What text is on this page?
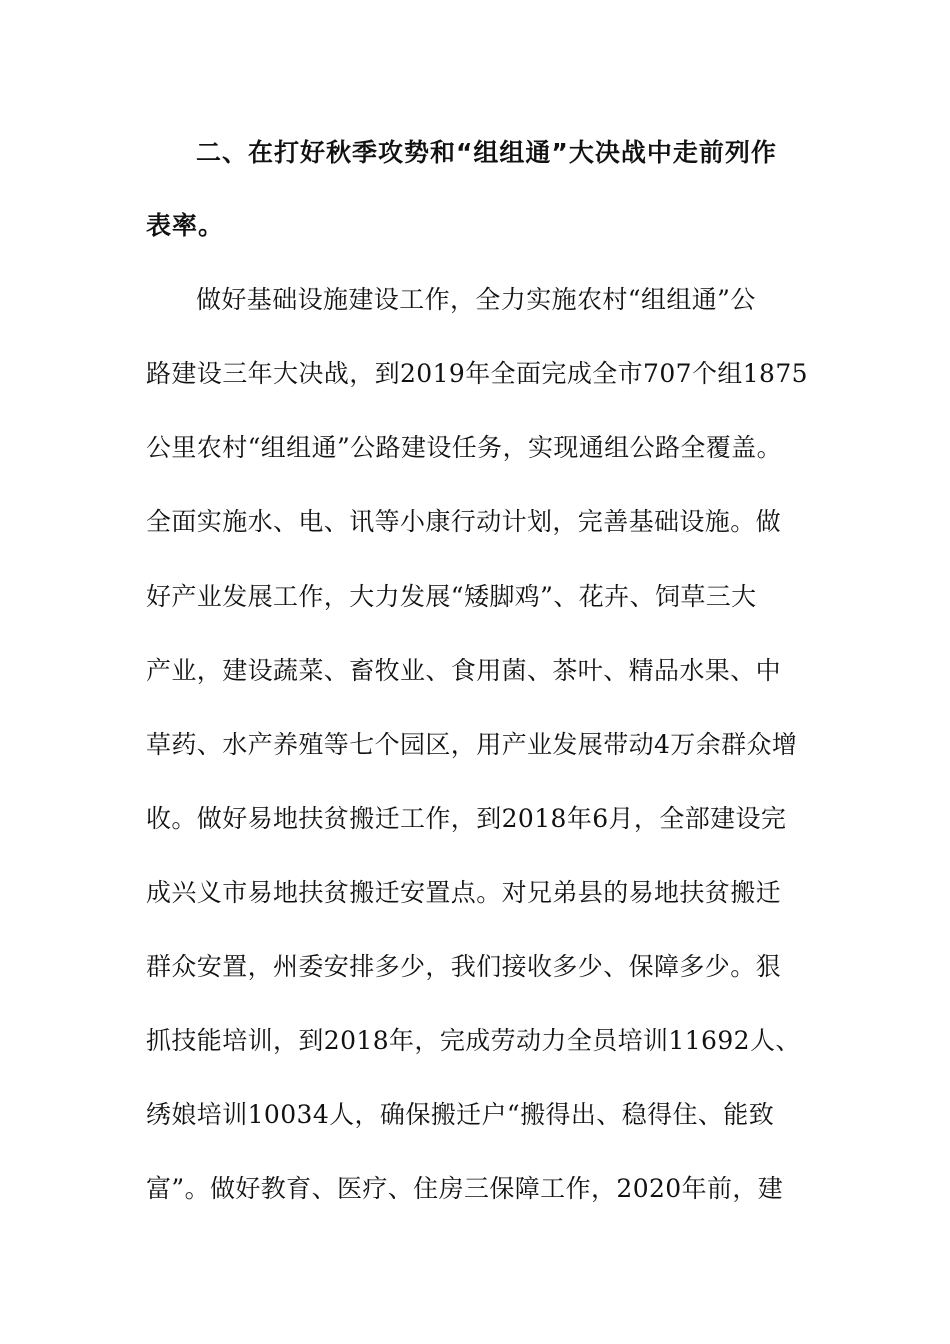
二、在打好秋季攻势和“组组通”大决战中走前列作
表率。
做好基础设施建设工作，全力实施农村“组组通”公
路建设三年大决战，到2019年全面完成全市707个组1875
公里农村“组组通”公路建设任务，实现通组公路全覆盖。
全面实施水、电、讯等小康行动计划，完善基础设施。做
好产业发展工作，大力发展“矮脚鸡”、花卉、饲草三大
产业，建设蔬菜、畜牧业、食用菌、茶叶、精品水果、中
草药、水产养殖等七个园区，用产业发展带动4万余群众增
收。做好易地扶贫搬迁工作，到2018年6月，全部建设完
成兴义市易地扶贫搬迁安置点。对兄弟县的易地扶贫搬迁
群众安置，州委安排多少，我们接收多少、保障多少。狠
抓技能培训，到2018年，完成劳动力全员培训11692人、
绣娘培训10034人，确保搬迁户“搬得出、稳得住、能致
富”。做好教育、医疗、住房三保障工作，2020年前，建
